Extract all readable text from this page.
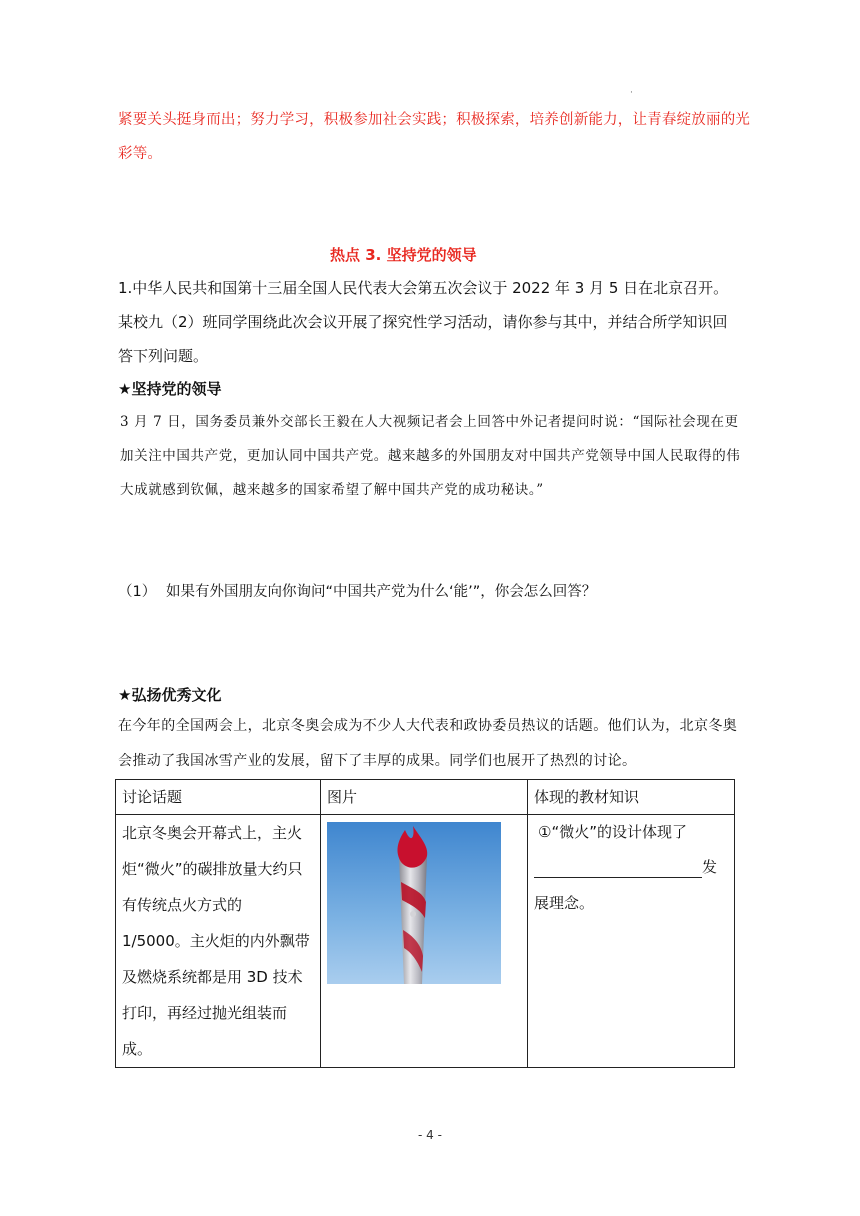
·
紧要关头挺身而出；努力学习，积极参加社会实践；积极探索，培养创新能力，让青春绽放丽的光彩等。
热点 3. 坚持党的领导
1.中华人民共和国第十三届全国人民代表大会第五次会议于 2022 年 3 月 5 日在北京召开。
某校九（2）班同学围绕此次会议开展了探究性学习活动，请你参与其中，并结合所学知识回
答下列问题。
★坚持党的领导
3 月 7 日，国务委员兼外交部长王毅在人大视频记者会上回答中外记者提问时说：“国际社会现在更加关注中国共产党，更加认同中国共产党。越来越多的外国朋友对中国共产党领导中国人民取得的伟大成就感到钦佩，越来越多的国家希望了解中国共产党的成功秘诀。”
（1） 如果有外国朋友向你询问“中国共产党为什么‘能’”，你会怎么回答？
★弘扬优秀文化
在今年的全国两会上，北京冬奥会成为不少人大代表和政协委员热议的话题。他们认为，北京冬奥会推动了我国冰雪产业的发展，留下了丰厚的成果。同学们也展开了热烈的讨论。
讨论话题	图片	体现的教材知识
北京冬奥会开幕式上，主火炬“微火”的碳排放量大约只有传统点火方式的 1/5000。主火炬的内外飘带及燃烧系统都是用 3D 技术打印，再经过抛光组装而成。		①“微火”的设计体现了
发
展理念。
- 4 -
